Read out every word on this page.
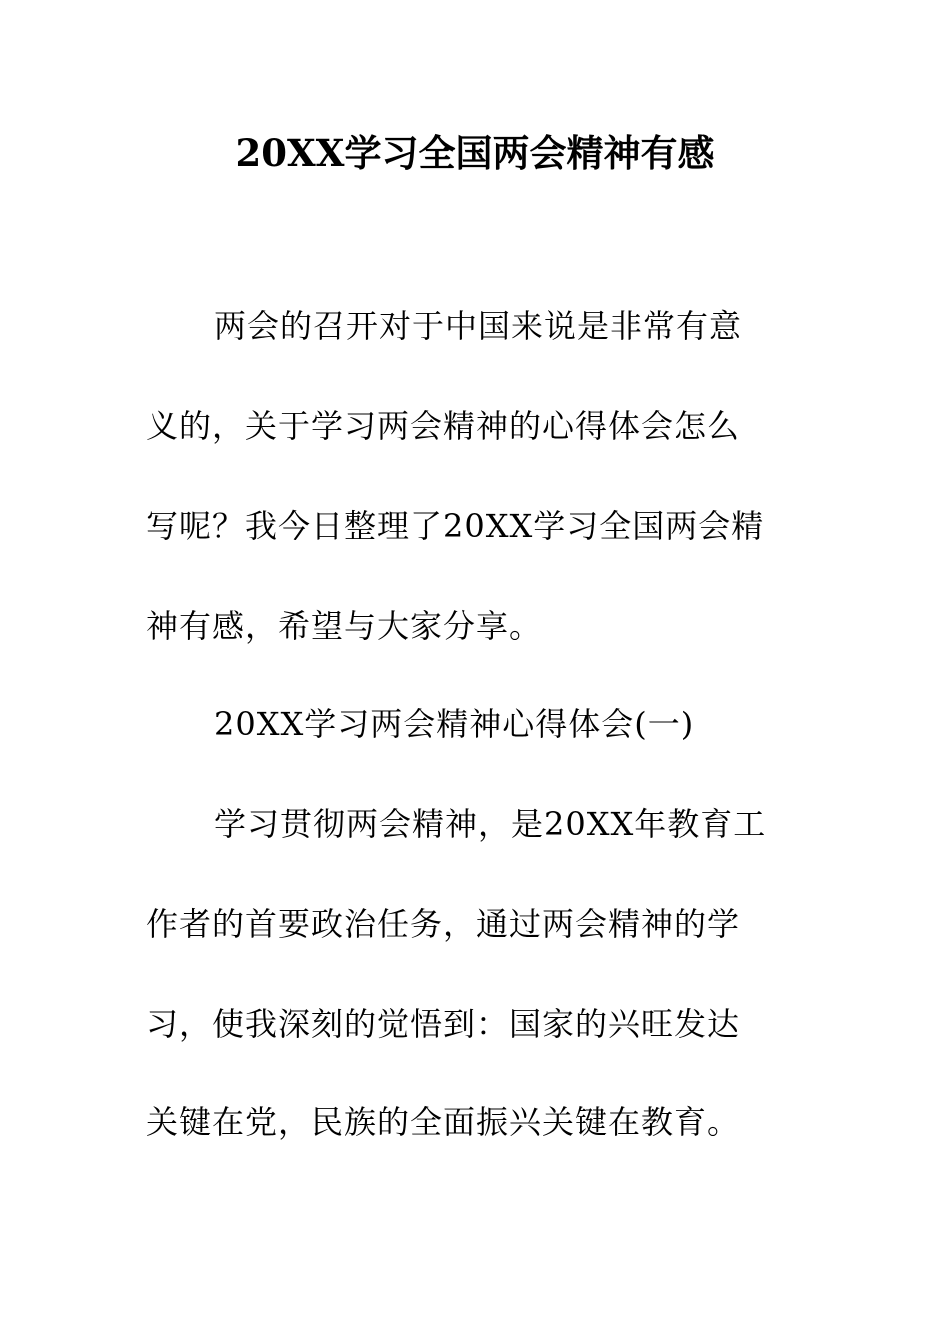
20XX学习全国两会精神有感
两会的召开对于中国来说是非常有意
义的，关于学习两会精神的心得体会怎么
写呢？我今日整理了20XX学习全国两会精
神有感，希望与大家分享。
20XX学习两会精神心得体会(一)
学习贯彻两会精神，是20XX年教育工
作者的首要政治任务，通过两会精神的学
习，使我深刻的觉悟到：国家的兴旺发达
关键在党，民族的全面振兴关键在教育。
